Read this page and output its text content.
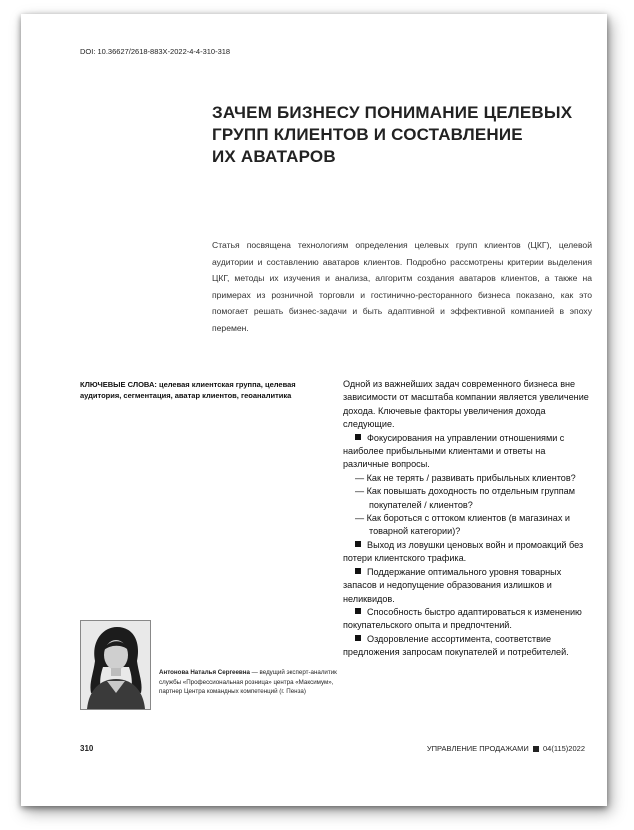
DOI: 10.36627/2618-883X-2022-4-4-310-318
ЗАЧЕМ БИЗНЕСУ ПОНИМАНИЕ ЦЕЛЕВЫХ
ГРУПП КЛИЕНТОВ И СОСТАВЛЕНИЕ
ИХ АВАТАРОВ

Статья посвящена технологиям определения целевых групп клиентов (ЦКГ), целевой аудитории и составлению аватаров клиентов. Подробно рассмотрены критерии выделения ЦКГ, методы их изучения и анализа, алгоритм создания аватаров клиентов, а также на примерах из розничной торговли и гостинично-ресторанного бизнеса показано, как это помогает решать бизнес-задачи и быть адаптивной и эффективной компанией в эпоху перемен.

КЛЮЧЕВЫЕ СЛОВА: целевая клиентская группа, целевая аудитория, сегментация, аватар клиентов, геоаналитика

Одной из важнейших задач современного бизнеса вне зависимости от масштаба компании является увеличение дохода. Ключевые факторы увеличения дохода следующие.

Фокусирования на управлении отношениями с наиболее прибыльными клиентами и ответы на различные вопросы.

— Как не терять / развивать прибыльных клиентов?

— Как повышать доходность по отдельным группам покупателей / клиентов?

— Как бороться с оттоком клиентов (в магазинах и товарной категории)?

Выход из ловушки ценовых войн и промоакций без потери клиентского трафика.

Поддержание оптимального уровня товарных запасов и недопущение образования излишков и неликвидов.

Способность быстро адаптироваться к изменению покупательского опыта и предпочтений.

Оздоровление ассортимента, соответствие предложения запросам покупателей и потребителей.

Антонова Наталья Сергеевна — ведущий эксперт-аналитик службы «Профессиональная розница» центра «Максимум», партнер Центра командных компетенций (г. Пенза)

310	УПРАВЛЕНИЕ ПРОДАЖАМИ 04(115)2022
